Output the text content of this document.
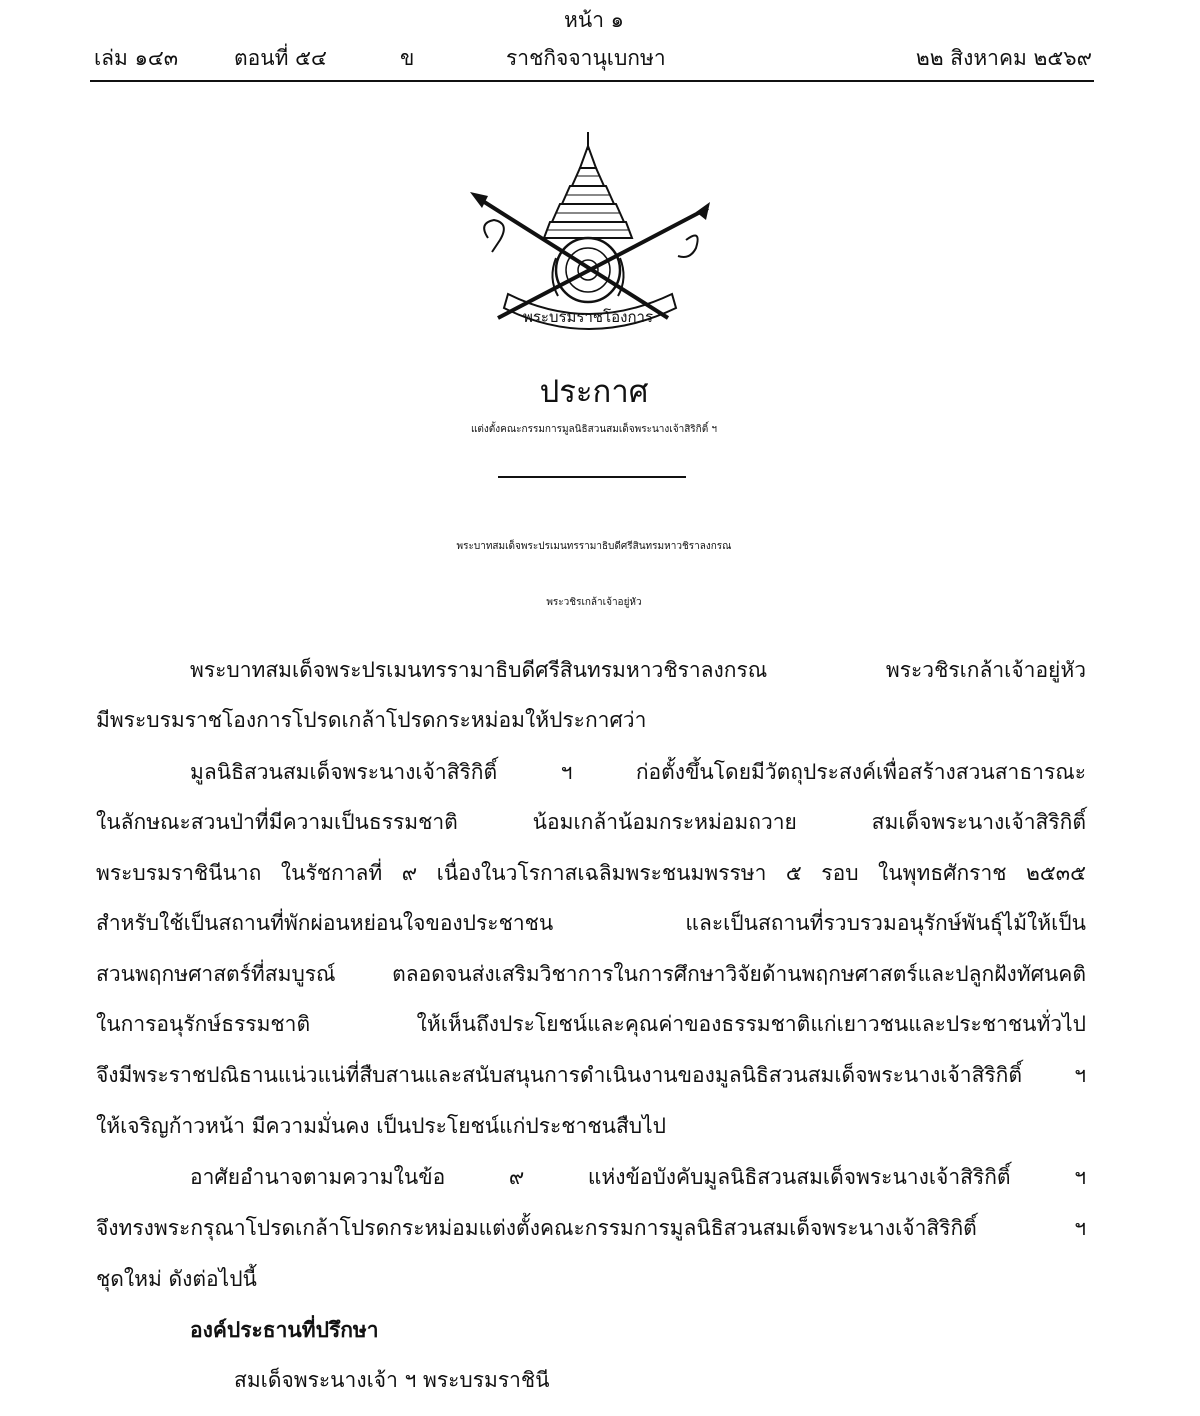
หน้า ๑
เล่ม ๑๔๓	ตอนที่ ๕๔	ข	ราชกิจจานุเบกษา	๒๒ สิงหาคม ๒๕๖๙
พระบรมราชโองการ
ประกาศ
แต่งตั้งคณะกรรมการมูลนิธิสวนสมเด็จพระนางเจ้าสิริกิติ์ ฯ
พระบาทสมเด็จพระปรเมนทรรามาธิบดีศรีสินทรมหาวชิราลงกรณ
พระวชิรเกล้าเจ้าอยู่หัว
พระบาทสมเด็จพระปรเมนทรรามาธิบดีศรีสินทรมหาวชิราลงกรณ พระวชิรเกล้าเจ้าอยู่หัว
มีพระบรมราชโองการโปรดเกล้าโปรดกระหม่อมให้ประกาศว่า
มูลนิธิสวนสมเด็จพระนางเจ้าสิริกิติ์ ฯ ก่อตั้งขึ้นโดยมีวัตถุประสงค์เพื่อสร้างสวนสาธารณะ
ในลักษณะสวนป่าที่มีความเป็นธรรมชาติ น้อมเกล้าน้อมกระหม่อมถวาย สมเด็จพระนางเจ้าสิริกิติ์
พระบรมราชินีนาถ ในรัชกาลที่ ๙ เนื่องในวโรกาสเฉลิมพระชนมพรรษา ๕ รอบ ในพุทธศักราช ๒๕๓๕
สำหรับใช้เป็นสถานที่พักผ่อนหย่อนใจของประชาชน และเป็นสถานที่รวบรวมอนุรักษ์พันธุ์ไม้ให้เป็น
สวนพฤกษศาสตร์ที่สมบูรณ์ ตลอดจนส่งเสริมวิชาการในการศึกษาวิจัยด้านพฤกษศาสตร์และปลูกฝังทัศนคติ
ในการอนุรักษ์ธรรมชาติ ให้เห็นถึงประโยชน์และคุณค่าของธรรมชาติแก่เยาวชนและประชาชนทั่วไป
จึงมีพระราชปณิธานแน่วแน่ที่สืบสานและสนับสนุนการดำเนินงานของมูลนิธิสวนสมเด็จพระนางเจ้าสิริกิติ์ ฯ
ให้เจริญก้าวหน้า มีความมั่นคง เป็นประโยชน์แก่ประชาชนสืบไป
อาศัยอำนาจตามความในข้อ ๙ แห่งข้อบังคับมูลนิธิสวนสมเด็จพระนางเจ้าสิริกิติ์ ฯ
จึงทรงพระกรุณาโปรดเกล้าโปรดกระหม่อมแต่งตั้งคณะกรรมการมูลนิธิสวนสมเด็จพระนางเจ้าสิริกิติ์ ฯ
ชุดใหม่ ดังต่อไปนี้
องค์ประธานที่ปรึกษา
สมเด็จพระนางเจ้า ฯ พระบรมราชินี
